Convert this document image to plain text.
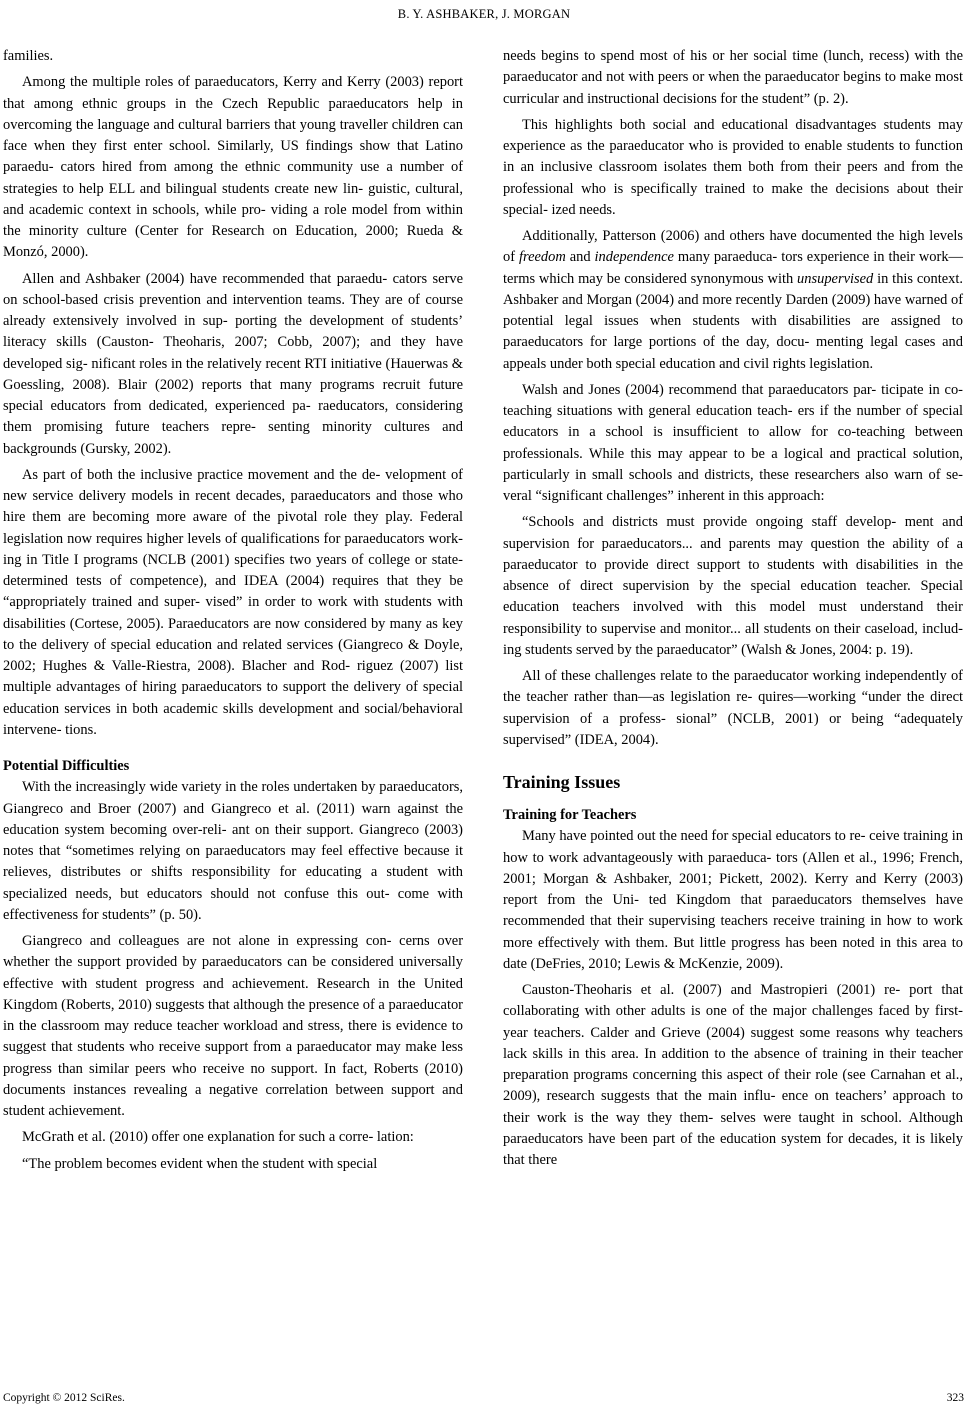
B. Y. ASHBAKER, J. MORGAN

families.

Among the multiple roles of paraeducators, Kerry and Kerry (2003) report that among ethnic groups in the Czech Republic paraeducators help in overcoming the language and cultural barriers that young traveller children can face when they first enter school. Similarly, US findings show that Latino paraedu- cators hired from among the ethnic community use a number of strategies to help ELL and bilingual students create new lin- guistic, cultural, and academic context in schools, while pro- viding a role model from within the minority culture (Center for Research on Education, 2000; Rueda & Monzó, 2000).

Allen and Ashbaker (2004) have recommended that paraedu- cators serve on school-based crisis prevention and intervention teams. They are of course already extensively involved in sup- porting the development of students’ literacy skills (Causton- Theoharis, 2007; Cobb, 2007); and they have developed sig- nificant roles in the relatively recent RTI initiative (Hauerwas & Goessling, 2008). Blair (2002) reports that many programs recruit future special educators from dedicated, experienced pa- raeducators, considering them promising future teachers repre- senting minority cultures and backgrounds (Gursky, 2002).

As part of both the inclusive practice movement and the de- velopment of new service delivery models in recent decades, paraeducators and those who hire them are becoming more aware of the pivotal role they play. Federal legislation now requires higher levels of qualifications for paraeducators work- ing in Title I programs (NCLB (2001) specifies two years of college or state-determined tests of competence), and IDEA (2004) requires that they be “appropriately trained and super- vised” in order to work with students with disabilities (Cortese, 2005). Paraeducators are now considered by many as key to the delivery of special education and related services (Giangreco & Doyle, 2002; Hughes & Valle-Riestra, 2008). Blacher and Rod- riguez (2007) list multiple advantages of hiring paraeducators to support the delivery of special education services in both academic skills development and social/behavioral intervene- tions.

Potential Difficulties

With the increasingly wide variety in the roles undertaken by paraeducators, Giangreco and Broer (2007) and Giangreco et al. (2011) warn against the education system becoming over-reli- ant on their support. Giangreco (2003) notes that “sometimes relying on paraeducators may feel effective because it relieves, distributes or shifts responsibility for educating a student with specialized needs, but educators should not confuse this out- come with effectiveness for students” (p. 50).

Giangreco and colleagues are not alone in expressing con- cerns over whether the support provided by paraeducators can be considered universally effective with student progress and achievement. Research in the United Kingdom (Roberts, 2010) suggests that although the presence of a paraeducator in the classroom may reduce teacher workload and stress, there is evidence to suggest that students who receive support from a paraeducator may make less progress than similar peers who receive no support. In fact, Roberts (2010) documents instances revealing a negative correlation between support and student achievement.

McGrath et al. (2010) offer one explanation for such a corre- lation:

“The problem becomes evident when the student with special

needs begins to spend most of his or her social time (lunch, recess) with the paraeducator and not with peers or when the paraeducator begins to make most curricular and instructional decisions for the student” (p. 2).

This highlights both social and educational disadvantages students may experience as the paraeducator who is provided to enable students to function in an inclusive classroom isolates them both from their peers and from the professional who is specifically trained to make the decisions about their special- ized needs.

Additionally, Patterson (2006) and others have documented the high levels of freedom and independence many paraeduca- tors experience in their work—terms which may be considered synonymous with unsupervised in this context. Ashbaker and Morgan (2004) and more recently Darden (2009) have warned of potential legal issues when students with disabilities are assigned to paraeducators for large portions of the day, docu- menting legal cases and appeals under both special education and civil rights legislation.

Walsh and Jones (2004) recommend that paraeducators par- ticipate in co-teaching situations with general education teach- ers if the number of special educators in a school is insufficient to allow for co-teaching between professionals. While this may appear to be a logical and practical solution, particularly in small schools and districts, these researchers also warn of se- veral “significant challenges” inherent in this approach:

“Schools and districts must provide ongoing staff develop- ment and supervision for paraeducators... and parents may question the ability of a paraeducator to provide direct support to students with disabilities in the absence of direct supervision by the special education teacher. Special education teachers involved with this model must understand their responsibility to supervise and monitor... all students on their caseload, includ- ing students served by the paraeducator” (Walsh & Jones, 2004: p. 19).

All of these challenges relate to the paraeducator working independently of the teacher rather than—as legislation re- quires—working “under the direct supervision of a profess- sional” (NCLB, 2001) or being “adequately supervised” (IDEA, 2004).

Training Issues
Training for Teachers

Many have pointed out the need for special educators to re- ceive training in how to work advantageously with paraeduca- tors (Allen et al., 1996; French, 2001; Morgan & Ashbaker, 2001; Pickett, 2002). Kerry and Kerry (2003) report from the Uni- ted Kingdom that paraeducators themselves have recommended that their supervising teachers receive training in how to work more effectively with them. But little progress has been noted in this area to date (DeFries, 2010; Lewis & McKenzie, 2009).

Causton-Theoharis et al. (2007) and Mastropieri (2001) re- port that collaborating with other adults is one of the major challenges faced by first-year teachers. Calder and Grieve (2004) suggest some reasons why teachers lack skills in this area. In addition to the absence of training in their teacher preparation programs concerning this aspect of their role (see Carnahan et al., 2009), research suggests that the main influ- ence on teachers’ approach to their work is the way they them- selves were taught in school. Although paraeducators have been part of the education system for decades, it is likely that there

Copyright © 2012 SciRes.	323
